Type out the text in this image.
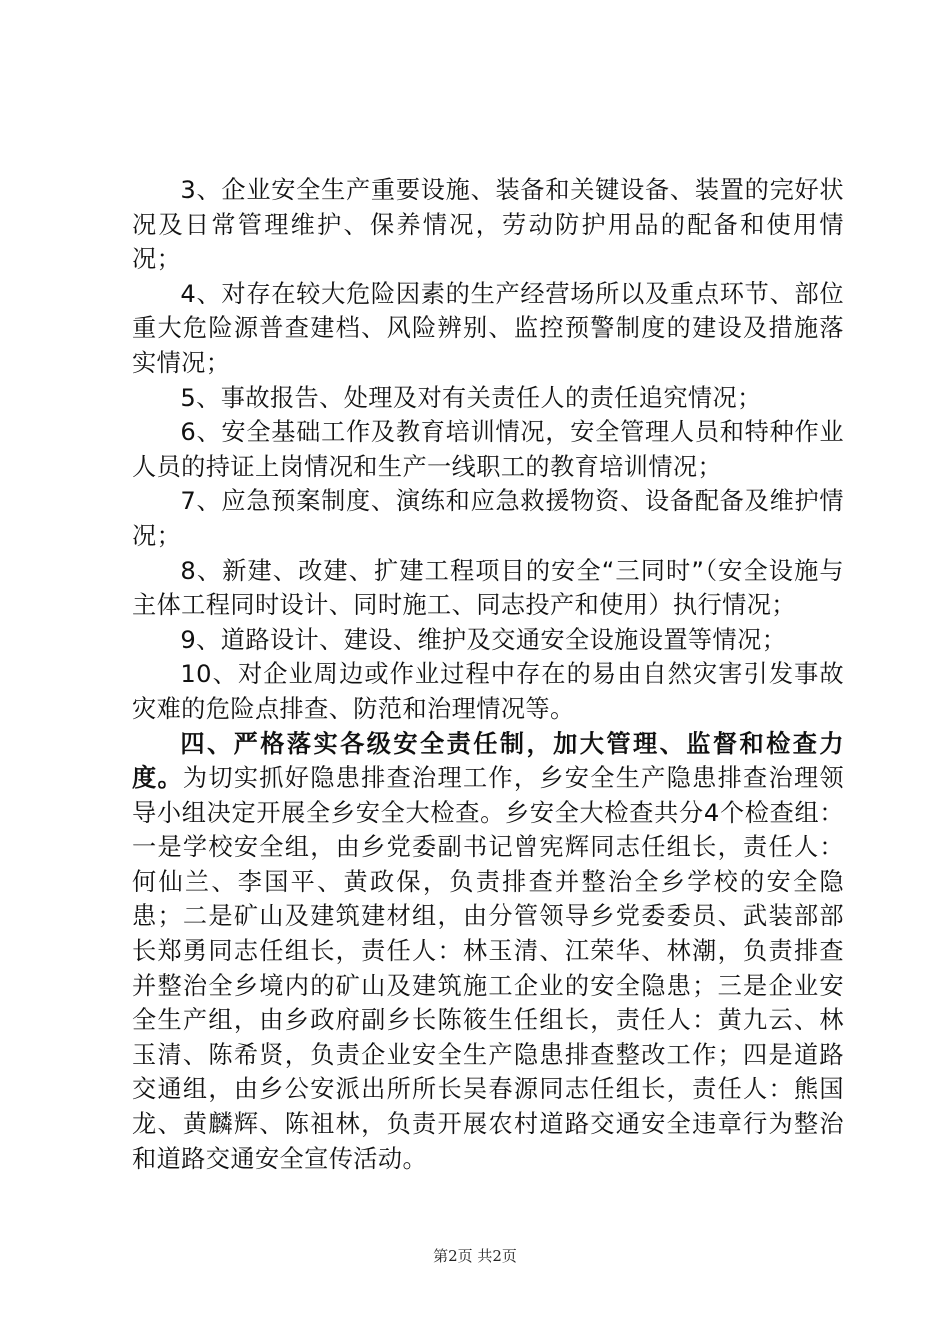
3、企业安全生产重要设施、装备和关键设备、装置的完好状况及日常管理维护、保养情况，劳动防护用品的配备和使用情况；

4、对存在较大危险因素的生产经营场所以及重点环节、部位重大危险源普查建档、风险辨别、监控预警制度的建设及措施落实情况；

5、事故报告、处理及对有关责任人的责任追究情况；

6、安全基础工作及教育培训情况，安全管理人员和特种作业人员的持证上岗情况和生产一线职工的教育培训情况；

7、应急预案制度、演练和应急救援物资、设备配备及维护情况；

8、新建、改建、扩建工程项目的安全“三同时”（安全设施与主体工程同时设计、同时施工、同志投产和使用）执行情况；

9、道路设计、建设、维护及交通安全设施设置等情况；

10、对企业周边或作业过程中存在的易由自然灾害引发事故灾难的危险点排查、防范和治理情况等。

四、严格落实各级安全责任制，加大管理、监督和检查力度。为切实抓好隐患排查治理工作，乡安全生产隐患排查治理领导小组决定开展全乡安全大检查。乡安全大检查共分4个检查组：一是学校安全组，由乡党委副书记曾宪辉同志任组长，责任人：何仙兰、李国平、黄政保，负责排查并整治全乡学校的安全隐患；二是矿山及建筑建材组，由分管领导乡党委委员、武装部部长郑勇同志任组长，责任人：林玉清、江荣华、林潮，负责排查并整治全乡境内的矿山及建筑施工企业的安全隐患；三是企业安全生产组，由乡政府副乡长陈筱生任组长，责任人：黄九云、林玉清、陈希贤，负责企业安全生产隐患排查整改工作；四是道路交通组，由乡公安派出所所长吴春源同志任组长，责任人：熊国龙、黄麟辉、陈祖林，负责开展农村道路交通安全违章行为整治和道路交通安全宣传活动。

第2页 共2页
